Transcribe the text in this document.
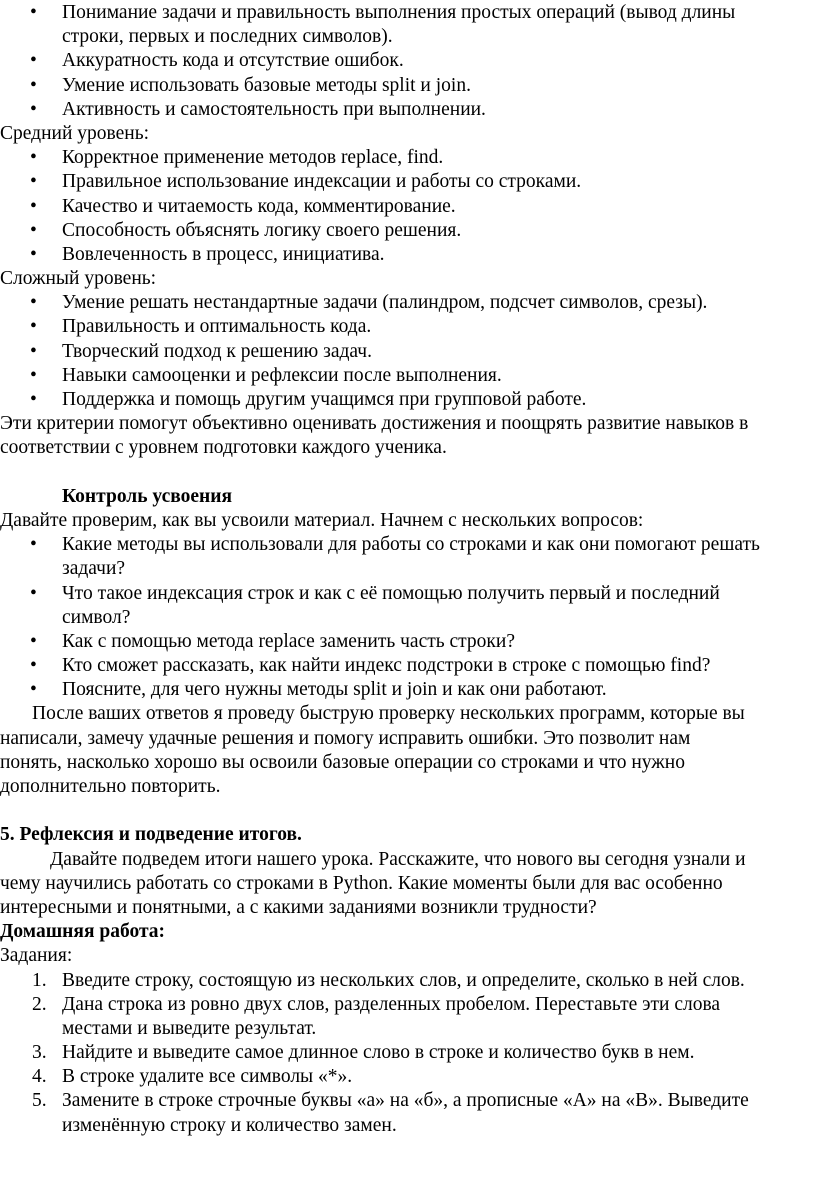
• Понимание задачи и правильность выполнения простых операций (вывод длины
строки, первых и последних символов).
• Аккуратность кода и отсутствие ошибок.
• Умение использовать базовые методы split и join.
• Активность и самостоятельность при выполнении.
Средний уровень:
• Корректное применение методов replace, find.
• Правильное использование индексации и работы со строками.
• Качество и читаемость кода, комментирование.
• Способность объяснять логику своего решения.
• Вовлеченность в процесс, инициатива.
Сложный уровень:
• Умение решать нестандартные задачи (палиндром, подсчет символов, срезы).
• Правильность и оптимальность кода.
• Творческий подход к решению задач.
• Навыки самооценки и рефлексии после выполнения.
• Поддержка и помощь другим учащимся при групповой работе.
Эти критерии помогут объективно оценивать достижения и поощрять развитие навыков в
соответствии с уровнем подготовки каждого ученика.
Контроль усвоения
Давайте проверим, как вы усвоили материал. Начнем с нескольких вопросов:
• Какие методы вы использовали для работы со строками и как они помогают решать
задачи?
• Что такое индексация строк и как с её помощью получить первый и последний
символ?
• Как с помощью метода replace заменить часть строки?
• Кто сможет рассказать, как найти индекс подстроки в строке с помощью find?
• Поясните, для чего нужны методы split и join и как они работают.
После ваших ответов я проведу быструю проверку нескольких программ, которые вы
написали, замечу удачные решения и помогу исправить ошибки. Это позволит нам
понять, насколько хорошо вы освоили базовые операции со строками и что нужно
дополнительно повторить.
5. Рефлексия и подведение итогов.
Давайте подведем итоги нашего урока. Расскажите, что нового вы сегодня узнали и
чему научились работать со строками в Python. Какие моменты были для вас особенно
интересными и понятными, а с какими заданиями возникли трудности?
Домашняя работа:
Задания:
1. Введите строку, состоящую из нескольких слов, и определите, сколько в ней слов.
2. Дана строка из ровно двух слов, разделенных пробелом. Переставьте эти слова
местами и выведите результат.
3. Найдите и выведите самое длинное слово в строке и количество букв в нем.
4. В строке удалите все символы «*».
5. Замените в строке строчные буквы «а» на «б», а прописные «А» на «В». Выведите
изменённую строку и количество замен.
